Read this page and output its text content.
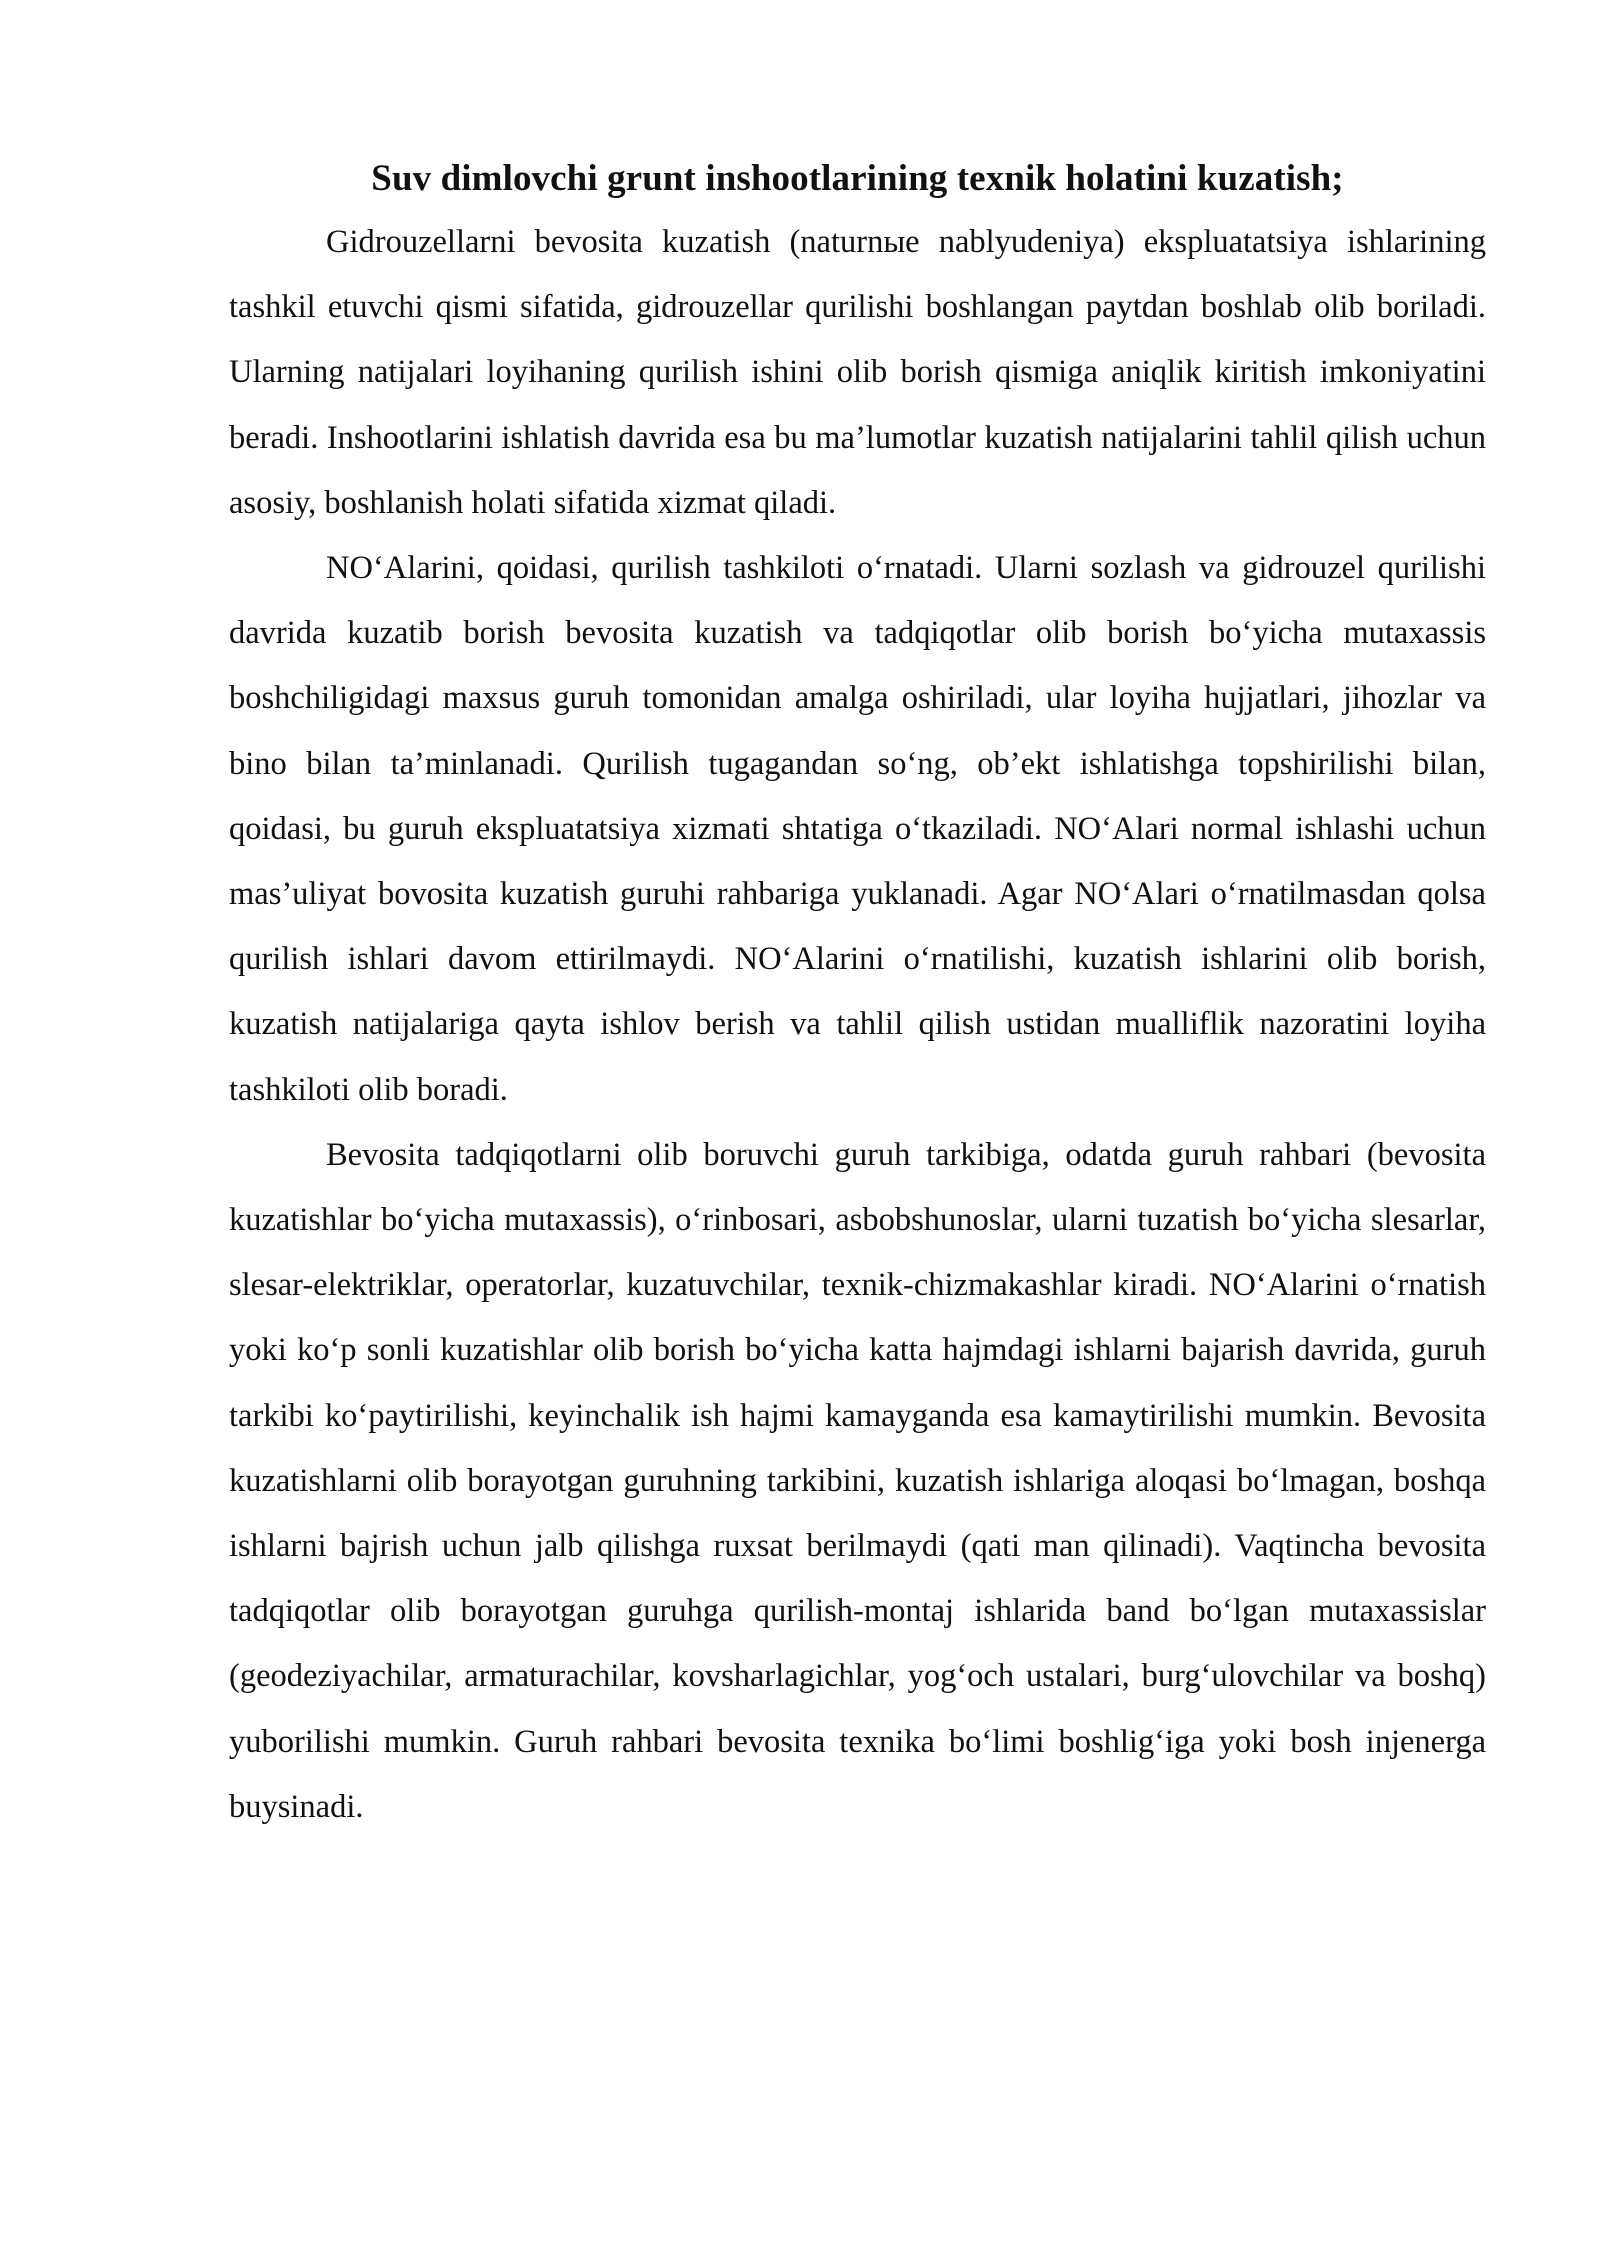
Suv dimlovchi grunt inshootlarining texnik holatini kuzatish;

Gidrouzellarni bevosita kuzatish (naturnыe nablyudeniya) ekspluatatsiya ishlarining tashkil etuvchi qismi sifatida, gidrouzellar qurilishi boshlangan paytdan boshlab olib boriladi. Ularning natijalari loyihaning qurilish ishini olib borish qismiga aniqlik kiritish imkoniyatini beradi. Inshootlarini ishlatish davrida esa bu ma’lumotlar kuzatish natijalarini tahlil qilish uchun asosiy, boshlanish holati sifatida xizmat qiladi.

NO‘Alarini, qoidasi, qurilish tashkiloti o‘rnatadi. Ularni sozlash va gidrouzel qurilishi davrida kuzatib borish bevosita kuzatish va tadqiqotlar olib borish bo‘yicha mutaxassis boshchiligidagi maxsus guruh tomonidan amalga oshiriladi, ular loyiha hujjatlari, jihozlar va bino bilan ta’minlanadi. Qurilish tugagandan so‘ng, ob’ekt ishlatishga topshirilishi bilan, qoidasi, bu guruh ekspluatatsiya xizmati shtatiga o‘tkaziladi. NO‘Alari normal ishlashi uchun mas’uliyat bovosita kuzatish guruhi rahbariga yuklanadi. Agar NO‘Alari o‘rnatilmasdan qolsa qurilish ishlari davom ettirilmaydi. NO‘Alarini o‘rnatilishi, kuzatish ishlarini olib borish, kuzatish natijalariga qayta ishlov berish va tahlil qilish ustidan mualliflik nazoratini loyiha tashkiloti olib boradi.

Bevosita tadqiqotlarni olib boruvchi guruh tarkibiga, odatda guruh rahbari (bevosita kuzatishlar bo‘yicha mutaxassis), o‘rinbosari, asbobshunoslar, ularni tuzatish bo‘yicha slesarlar, slesar-elektriklar, operatorlar, kuzatuvchilar, texnik-chizmakashlar kiradi. NO‘Alarini o‘rnatish yoki ko‘p sonli kuzatishlar olib borish bo‘yicha katta hajmdagi ishlarni bajarish davrida, guruh tarkibi ko‘paytirilishi, keyinchalik ish hajmi kamayganda esa kamaytirilishi mumkin. Bevosita kuzatishlarni olib borayotgan guruhning tarkibini, kuzatish ishlariga aloqasi bo‘lmagan, boshqa ishlarni bajrish uchun jalb qilishga ruxsat berilmaydi (qati man qilinadi). Vaqtincha bevosita tadqiqotlar olib borayotgan guruhga qurilish-montaj ishlarida band bo‘lgan mutaxassislar (geodeziyachilar, armaturachilar, kovsharlagichlar, yog‘och ustalari, burg‘ulovchilar va boshq) yuborilishi mumkin. Guruh rahbari bevosita texnika bo‘limi boshlig‘iga yoki bosh injenerga buysinadi.
